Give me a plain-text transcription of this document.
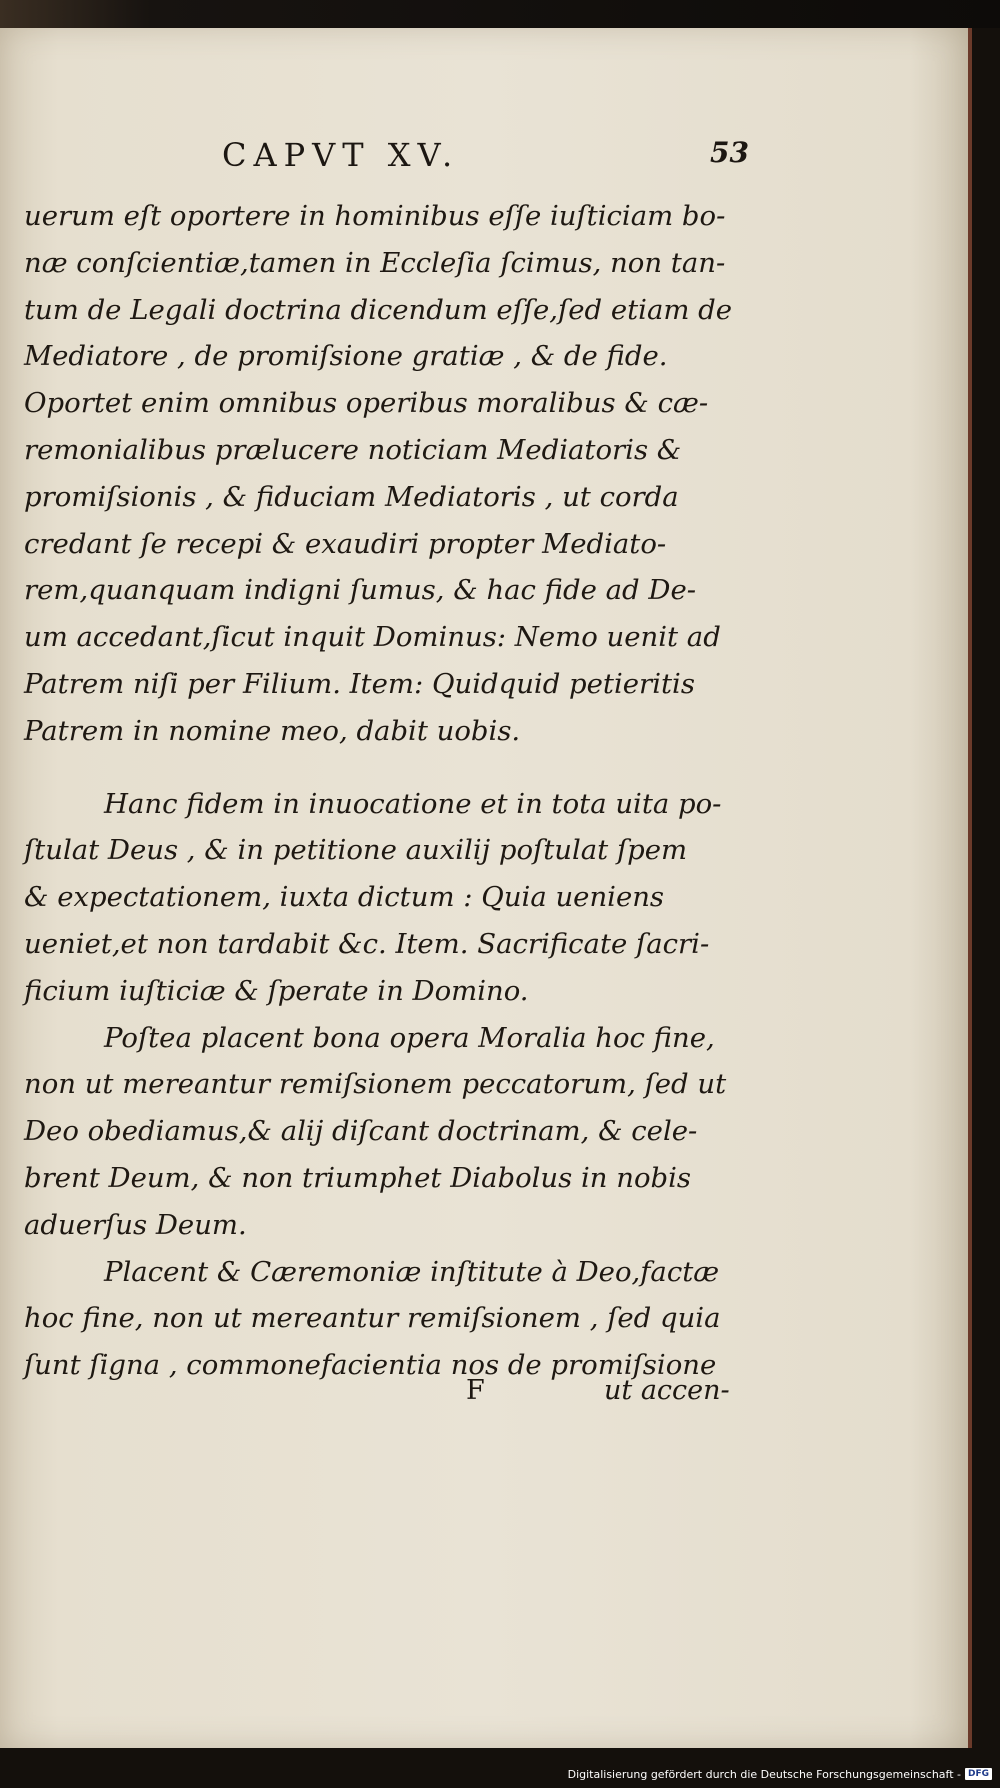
CAPVT XV.	53
uerum eſt oportere in hominibus eſſe iuſticiam bo‑
næ conſcientiæ,tamen in Eccleſia ſcimus, non tan‑
tum de Legali doctrina dicendum eſſe,ſed etiam de
Mediatore , de promiſsione gratiæ , & de fide.
Oportet enim omnibus operibus moralibus & cæ‑
remonialibus prælucere noticiam Mediatoris &
promiſsionis , & fiduciam Mediatoris , ut corda
credant ſe recepi & exaudiri propter Mediato‑
rem,quanquam indigni ſumus, & hac fide ad De‑
um accedant,ſicut inquit Dominus: Nemo uenit ad
Patrem niſi per Filium. Item: Quidquid petieritis
Patrem in nomine meo, dabit uobis.
Hanc fidem in inuocatione et in tota uita po‑
ſtulat Deus , & in petitione auxilij poſtulat ſpem
& expectationem, iuxta dictum : Quia ueniens
ueniet,et non tardabit &c. Item. Sacrificate ſacri‑
ficium iuſticiæ & ſperate in Domino.
Poſtea placent bona opera Moralia hoc fine,
non ut mereantur remiſsionem peccatorum, ſed ut
Deo obediamus,& alij diſcant doctrinam, & cele‑
brent Deum, & non triumphet Diabolus in nobis
aduerſus Deum.
Placent & Cæremoniæ inſtitute à Deo,factæ
hoc fine, non ut mereantur remiſsionem , ſed quia
ſunt ſigna , commonefacientia nos de promiſsione
F	ut accen‑
Digitalisierung gefördert durch die Deutsche Forschungsgemeinschaft - DFG
